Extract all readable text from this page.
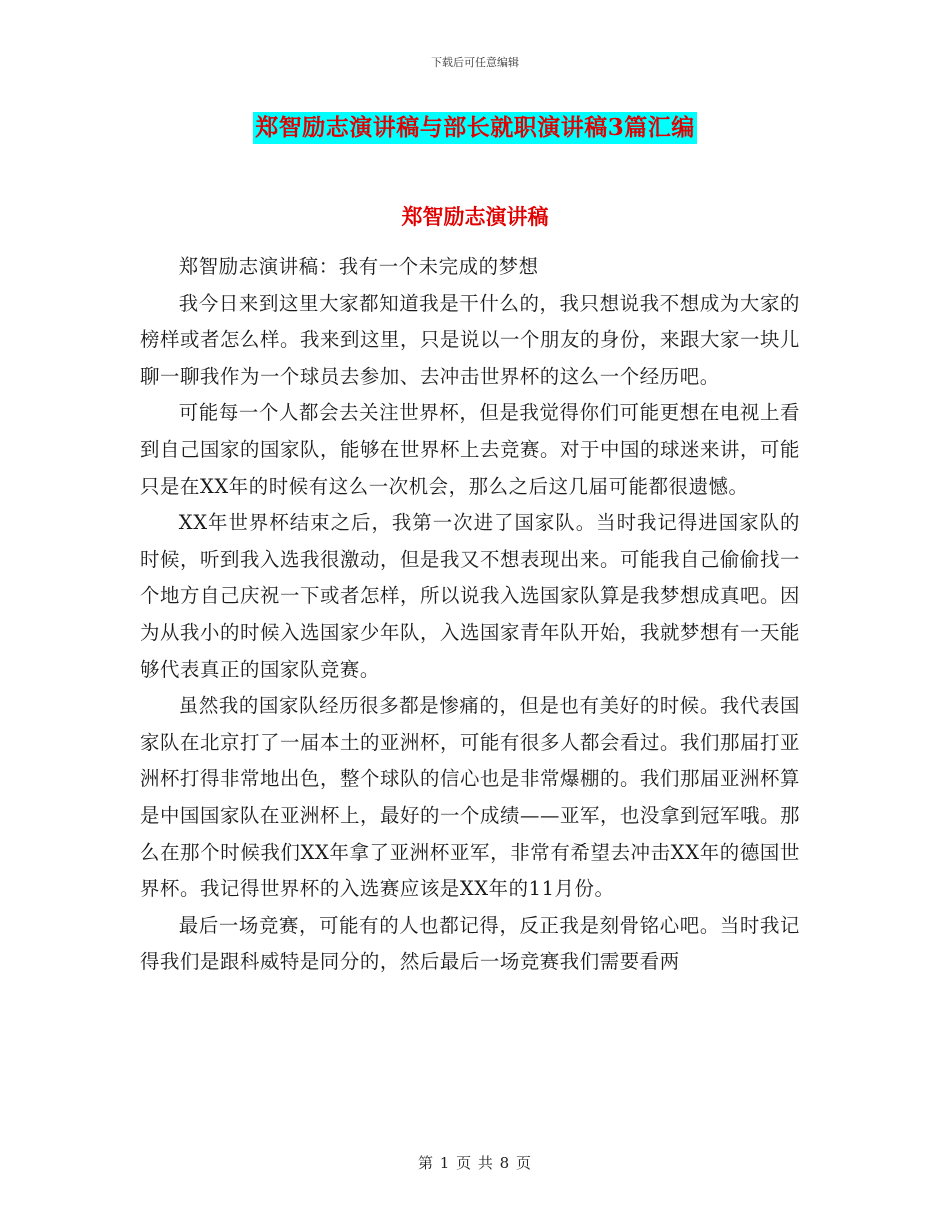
下载后可任意编辑
郑智励志演讲稿与部长就职演讲稿3篇汇编
郑智励志演讲稿

郑智励志演讲稿：我有一个未完成的梦想

我今日来到这里大家都知道我是干什么的，我只想说我不想成为大家的榜样或者怎么样。我来到这里，只是说以一个朋友的身份，来跟大家一块儿聊一聊我作为一个球员去参加、去冲击世界杯的这么一个经历吧。

可能每一个人都会去关注世界杯，但是我觉得你们可能更想在电视上看到自己国家的国家队，能够在世界杯上去竞赛。对于中国的球迷来讲，可能只是在XX年的时候有这么一次机会，那么之后这几届可能都很遗憾。

XX年世界杯结束之后，我第一次进了国家队。当时我记得进国家队的时候，听到我入选我很激动，但是我又不想表现出来。可能我自己偷偷找一个地方自己庆祝一下或者怎样，所以说我入选国家队算是我梦想成真吧。因为从我小的时候入选国家少年队，入选国家青年队开始，我就梦想有一天能够代表真正的国家队竞赛。

虽然我的国家队经历很多都是惨痛的，但是也有美好的时候。我代表国家队在北京打了一届本土的亚洲杯，可能有很多人都会看过。我们那届打亚洲杯打得非常地出色，整个球队的信心也是非常爆棚的。我们那届亚洲杯算是中国国家队在亚洲杯上，最好的一个成绩——亚军，也没拿到冠军哦。那么在那个时候我们XX年拿了亚洲杯亚军，非常有希望去冲击XX年的德国世界杯。我记得世界杯的入选赛应该是XX年的11月份。

最后一场竞赛，可能有的人也都记得，反正我是刻骨铭心吧。当时我记得我们是跟科威特是同分的，然后最后一场竞赛我们需要看两

第 1 页 共 8 页
